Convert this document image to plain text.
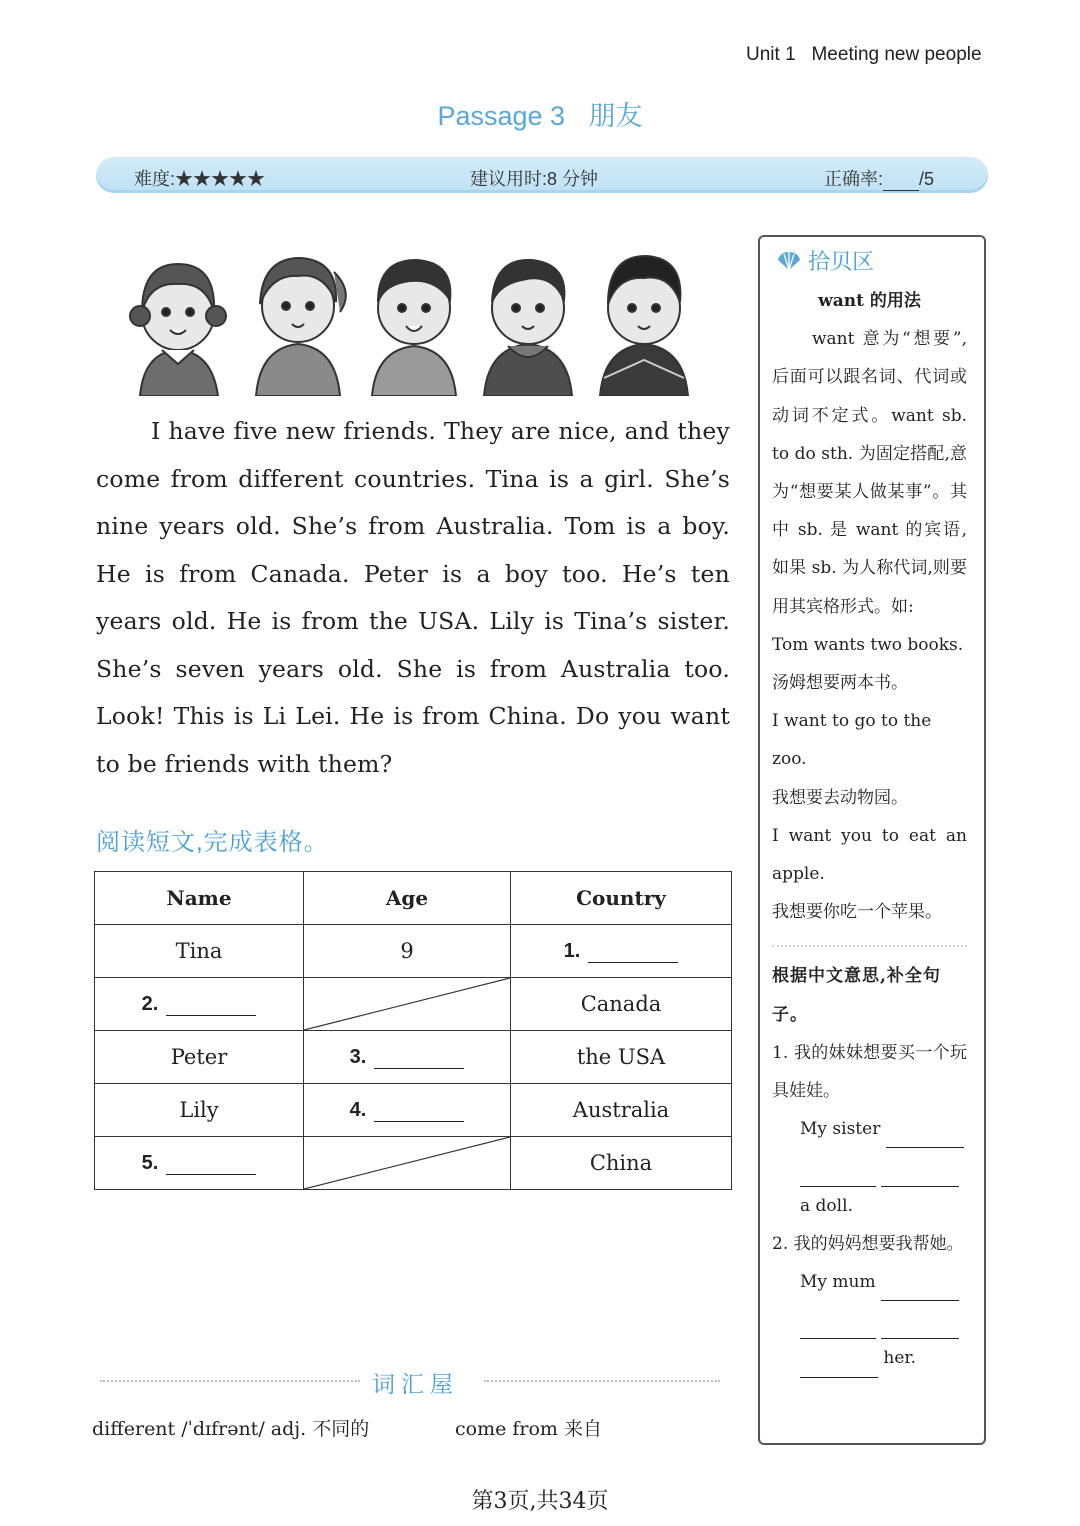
Unit 1 Meeting new people
Passage 3 朋友
难度:★★★★★	建议用时:8 分钟	正确率: /5

I have five new friends. They are nice, and they come from different countries. Tina is a girl. She’s nine years old. She’s from Australia. Tom is a boy. He is from Canada. Peter is a boy too. He’s ten years old. He is from the USA. Lily is Tina’s sister. She’s seven years old. She is from Australia too. Look! This is Li Lei. He is from China. Do you want to be friends with them?

阅读短文,完成表格。
Name	Age	Country
Tina	9	1.
2.		Canada
Peter	3.	the USA
Lily	4.	Australia
5.		China
词汇屋
different /ˈdɪfrənt/ adj. 不同的	come from 来自
拾贝区
want 的用法
want 意为“想要”,后面可以跟名词、代词或动词不定式。want sb. to do sth. 为固定搭配,意为“想要某人做某事”。其中 sb. 是 want 的宾语,如果 sb. 为人称代词,则要用其宾格形式。如:
Tom wants two books.
汤姆想要两本书。
I want to go to the zoo.
我想要去动物园。
I want you to eat an apple.
我想要你吃一个苹果。
根据中文意思,补全句子。
1. 我的妹妹想要买一个玩具娃娃。
My sister

a doll.
2. 我的妈妈想要我帮她。
My mum

her.
第3页,共34页
